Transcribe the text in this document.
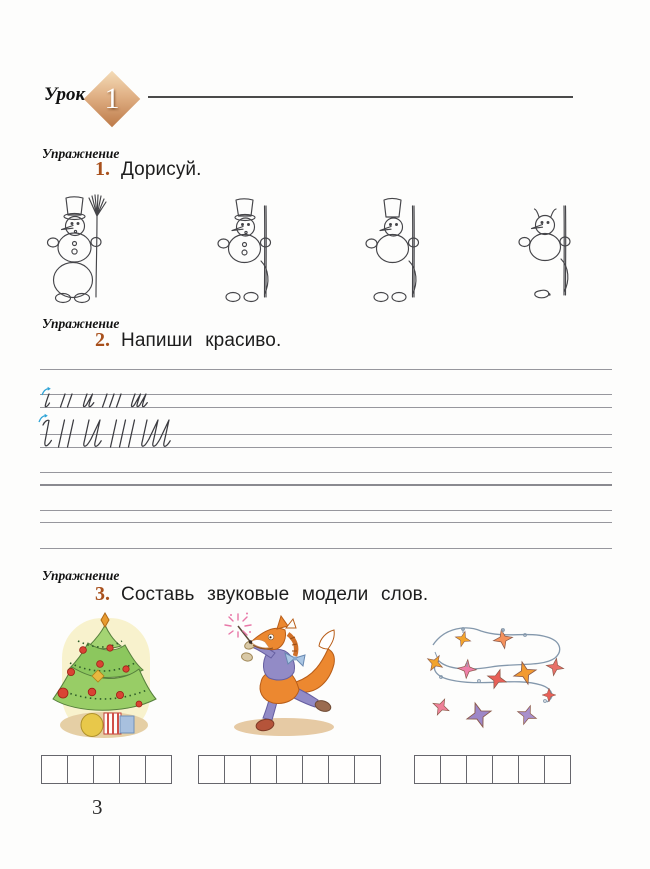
Урок 1
Упражнение
1. Дорисуй.
Упражнение
2. Напиши красиво.
Упражнение
3. Составь звуковые модели слов.
3
